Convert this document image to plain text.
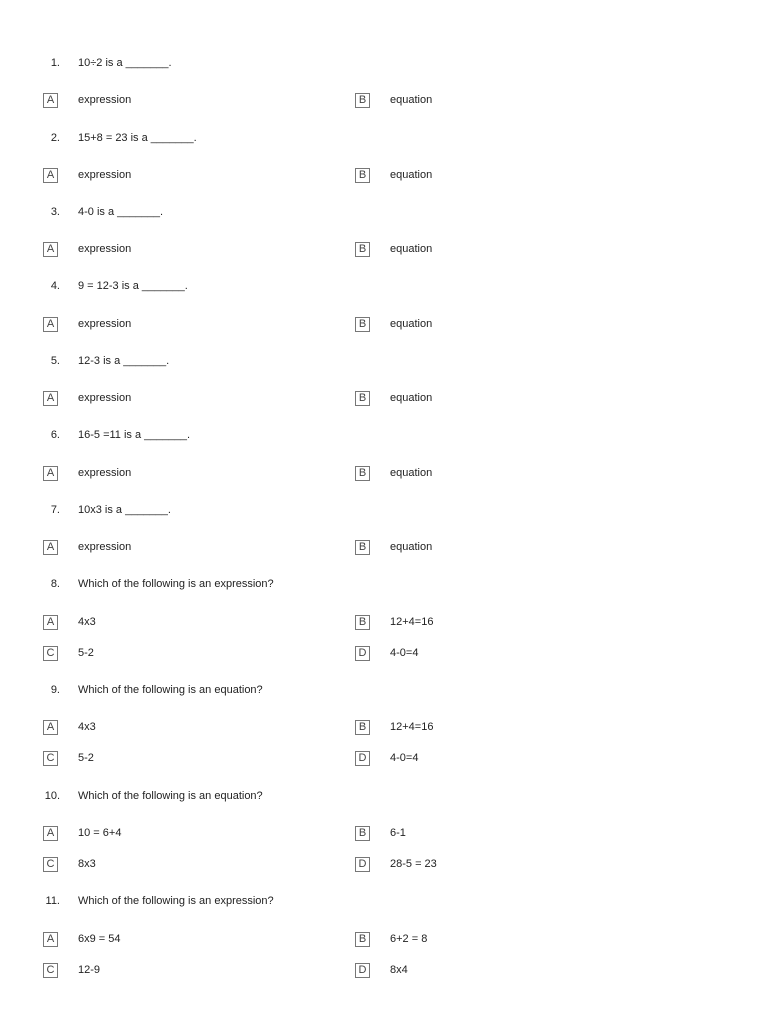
1. 10÷2 is a _______.
A	expression	B	equation
2. 15+8 = 23 is a _______.
A	expression	B	equation
3. 4-0 is a _______.
A	expression	B	equation
4. 9 = 12-3 is a _______.
A	expression	B	equation
5. 12-3 is a _______.
A	expression	B	equation
6. 16-5 =11 is a _______.
A	expression	B	equation
7. 10x3 is a _______.
A	expression	B	equation
8. Which of the following is an expression?
A	4x3	B	12+4=16
C	5-2	D	4-0=4
9. Which of the following is an equation?
A	4x3	B	12+4=16
C	5-2	D	4-0=4
10. Which of the following is an equation?
A	10 = 6+4	B	6-1
C	8x3	D	28-5 = 23
11. Which of the following is an expression?
A	6x9 = 54	B	6+2 = 8
C	12-9	D	8x4
